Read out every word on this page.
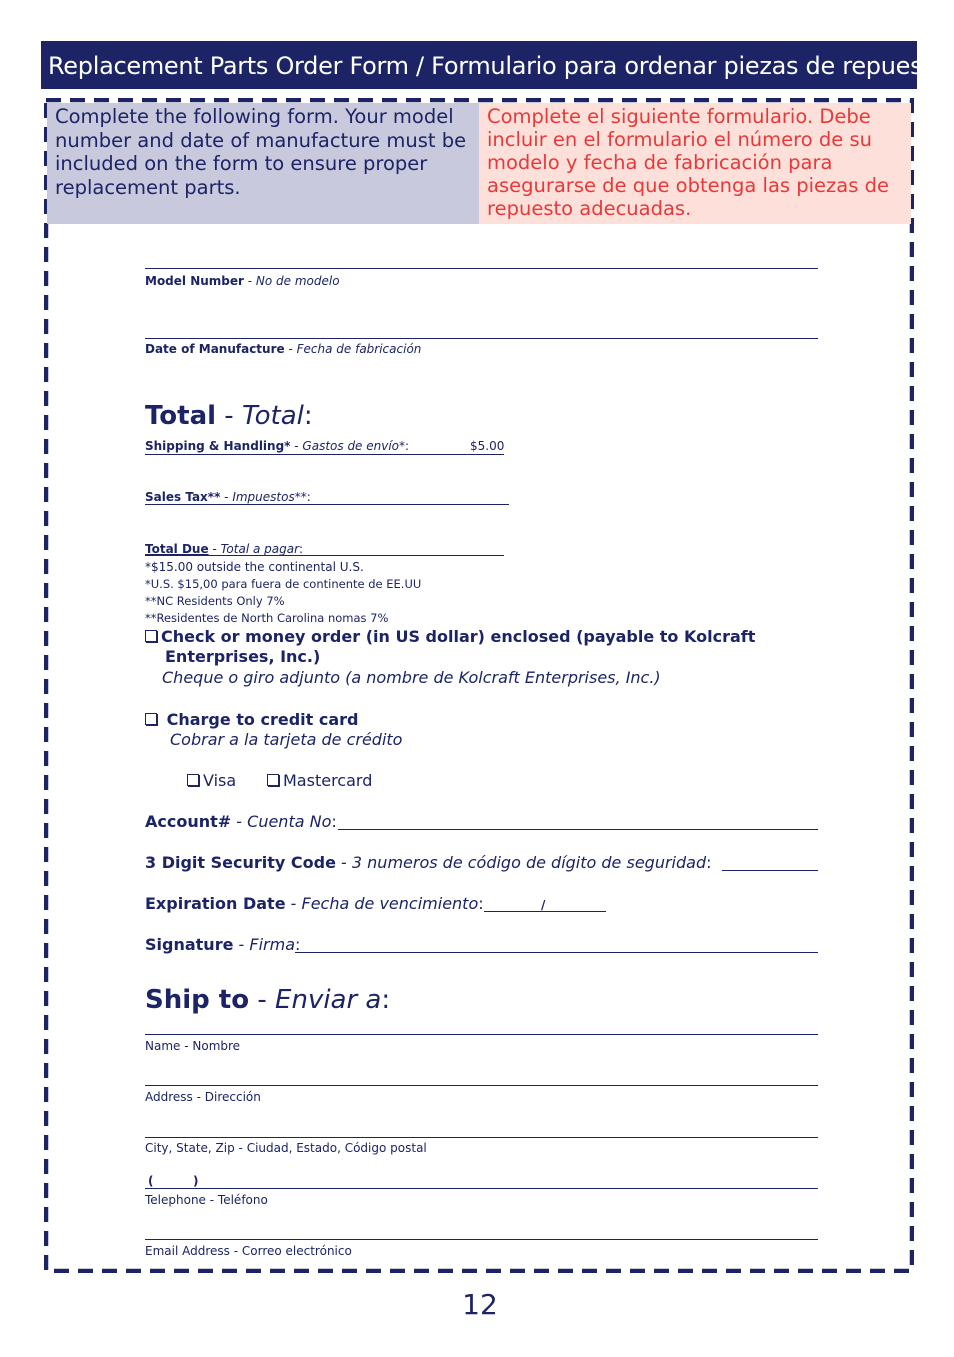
Replacement Parts Order Form / Formulario para ordenar piezas de repuesto
Complete the following form. Your model number and date of manufacture must be included on the form to ensure proper replacement parts.
Complete el siguiente formulario. Debe incluir en el formulario el número de su modelo y fecha de fabricación para asegurarse de que obtenga las piezas de repuesto adecuadas.
Model Number - No de modelo
Date of Manufacture - Fecha de fabricación
Total - Total:
Shipping & Handling* - Gastos de envío*:	$5.00
Sales Tax** - Impuestos**:
Total Due - Total a pagar:
*$15.00 outside the continental U.S.
*U.S. $15,00 para fuera de continente de EE.UU
**NC Residents Only 7%
**Residentes de North Carolina nomas 7%
Check or money order (in US dollar) enclosed (payable to Kolcraft
Enterprises, Inc.)
Cheque o giro adjunto (a nombre de Kolcraft Enterprises, Inc.)
Charge to credit card
Cobrar a la tarjeta de crédito
Visa	Mastercard
Account# - Cuenta No:
3 Digit Security Code - 3 numeros de código de dígito de seguridad:
Expiration Date - Fecha de vencimiento:	/
Signature - Firma:
Ship to - Enviar a:
Name - Nombre
Address - Dirección
City, State, Zip - Ciudad, Estado, Código postal
(	)
Telephone - Teléfono
Email Address - Correo electrónico
12
